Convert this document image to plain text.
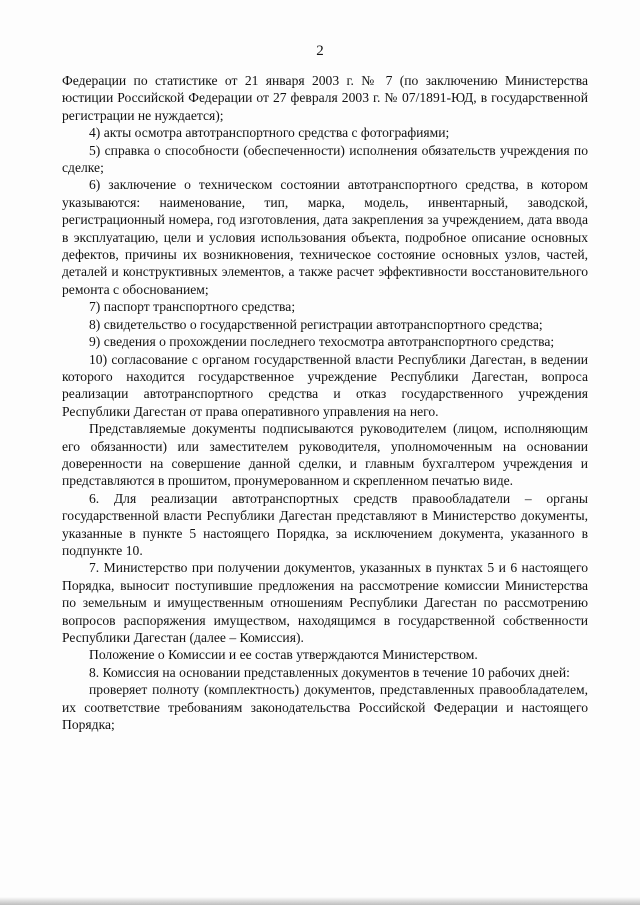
2

Федерации по статистике от 21 января 2003 г. № 7 (по заключению Министерства юстиции Российской Федерации от 27 февраля 2003 г. № 07/1891-ЮД, в государственной регистрации не нуждается);

4) акты осмотра автотранспортного средства с фотографиями;

5) справка о способности (обеспеченности) исполнения обязательств учреждения по сделке;

6) заключение о техническом состоянии автотранспортного средства, в котором указываются: наименование, тип, марка, модель, инвентарный, заводской, регистрационный номера, год изготовления, дата закрепления за учреждением, дата ввода в эксплуатацию, цели и условия использования объекта, подробное описание основных дефектов, причины их возникновения, техническое состояние основных узлов, частей, деталей и конструктивных элементов, а также расчет эффективности восстановительного ремонта с обоснованием;

7) паспорт транспортного средства;

8) свидетельство о государственной регистрации автотранспортного средства;

9) сведения о прохождении последнего техосмотра автотранспортного средства;

10) согласование с органом государственной власти Республики Дагестан, в ведении которого находится государственное учреждение Республики Дагестан, вопроса реализации автотранспортного средства и отказ государственного учреждения Республики Дагестан от права оперативного управления на него.

Представляемые документы подписываются руководителем (лицом, исполняющим его обязанности) или заместителем руководителя, уполномоченным на основании доверенности на совершение данной сделки, и главным бухгалтером учреждения и представляются в прошитом, пронумерованном и скрепленном печатью виде.

6. Для реализации автотранспортных средств правообладатели – органы государственной власти Республики Дагестан представляют в Министерство документы, указанные в пункте 5 настоящего Порядка, за исключением документа, указанного в подпункте 10.

7. Министерство при получении документов, указанных в пунктах 5 и 6 настоящего Порядка, выносит поступившие предложения на рассмотрение комиссии Министерства по земельным и имущественным отношениям Республики Дагестан по рассмотрению вопросов распоряжения имуществом, находящимся в государственной собственности Республики Дагестан (далее – Комиссия).

Положение о Комиссии и ее состав утверждаются Министерством.

8. Комиссия на основании представленных документов в течение 10 рабочих дней:

проверяет полноту (комплектность) документов, представленных правообладателем, их соответствие требованиям законодательства Российской Федерации и настоящего Порядка;
